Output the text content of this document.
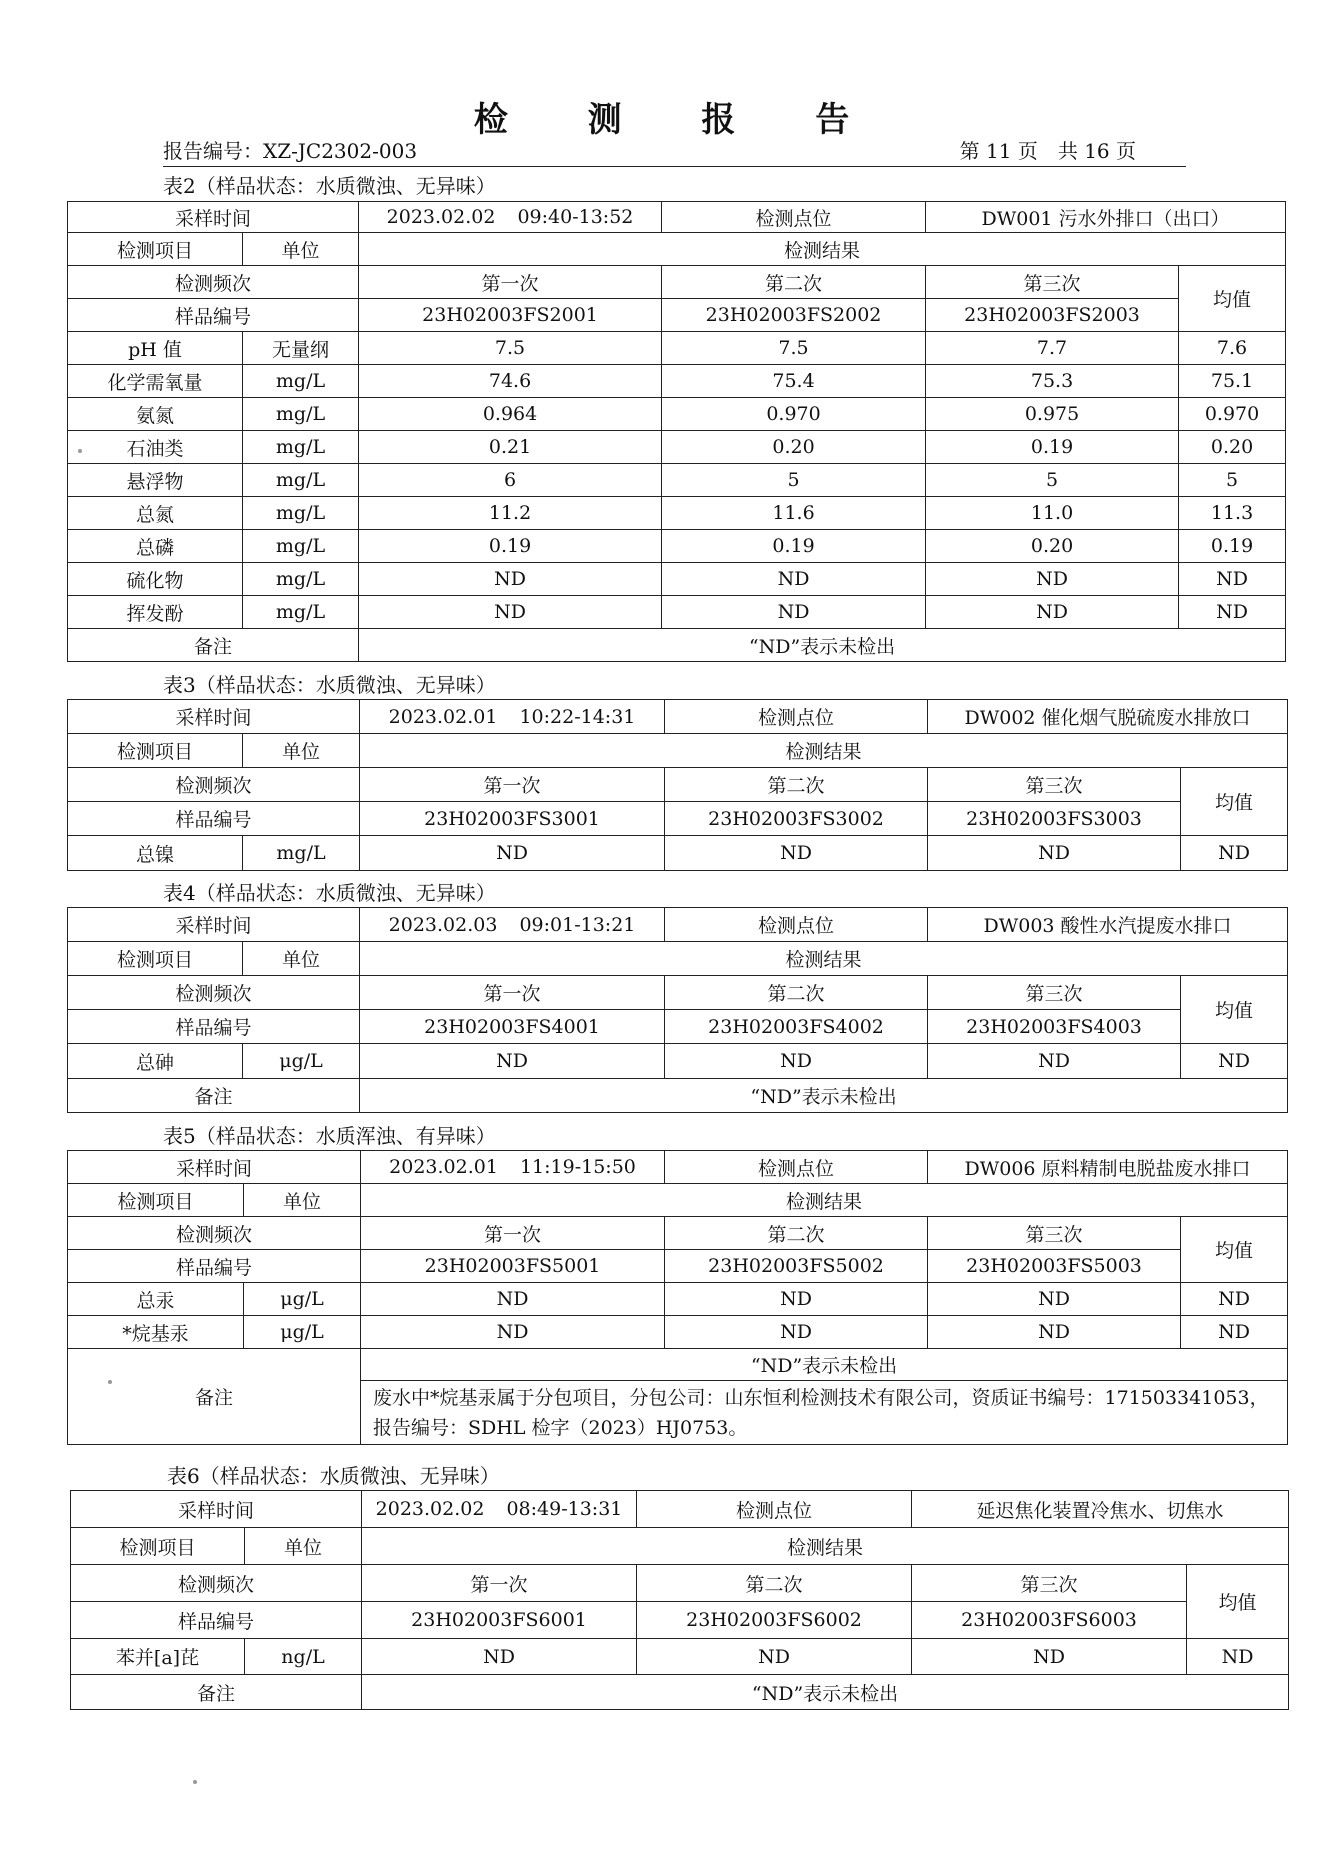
检 测 报 告
报告编号：XZ-JC2302-003	第 11 页　共 16 页
表2（样品状态：水质微浊、无异味）
采样时间		2023.02.02 09:40-13:52	检测点位	DW001 污水外排口（出口）	
检测项目	单位	检测结果			
检测频次		第一次	第二次	第三次	均值
样品编号		23H02003FS2001	23H02003FS2002	23H02003FS2003	
pH 值	无量纲	7.5	7.5	7.7	7.6
化学需氧量	mg/L	74.6	75.4	75.3	75.1
氨氮	mg/L	0.964	0.970	0.975	0.970
石油类	mg/L	0.21	0.20	0.19	0.20
悬浮物	mg/L	6	5	5	5
总氮	mg/L	11.2	11.6	11.0	11.3
总磷	mg/L	0.19	0.19	0.20	0.19
硫化物	mg/L	ND	ND	ND	ND
挥发酚	mg/L	ND	ND	ND	ND
备注		“ND”表示未检出			
表3（样品状态：水质微浊、无异味）
采样时间		2023.02.01 10:22-14:31	检测点位	DW002 催化烟气脱硫废水排放口	
检测项目	单位	检测结果			
检测频次		第一次	第二次	第三次	均值
样品编号		23H02003FS3001	23H02003FS3002	23H02003FS3003	
总镍	mg/L	ND	ND	ND	ND
表4（样品状态：水质微浊、无异味）
采样时间		2023.02.03 09:01-13:21	检测点位	DW003 酸性水汽提废水排口	
检测项目	单位	检测结果			
检测频次		第一次	第二次	第三次	均值
样品编号		23H02003FS4001	23H02003FS4002	23H02003FS4003	
总砷	μg/L	ND	ND	ND	ND
备注		“ND”表示未检出			
表5（样品状态：水质浑浊、有异味）
采样时间		2023.02.01 11:19-15:50	检测点位	DW006 原料精制电脱盐废水排口	
检测项目	单位	检测结果			
检测频次		第一次	第二次	第三次	均值
样品编号		23H02003FS5001	23H02003FS5002	23H02003FS5003	
总汞	μg/L	ND	ND	ND	ND
*烷基汞	μg/L	ND	ND	ND	ND
备注		“ND”表示未检出			
		废水中*烷基汞属于分包项目，分包公司：山东恒利检测技术有限公司，资质证书编号：171503341053，报告编号：SDHL 检字（2023）HJ0753。			
表6（样品状态：水质微浊、无异味）
采样时间		2023.02.02 08:49-13:31	检测点位	延迟焦化装置冷焦水、切焦水	
检测项目	单位	检测结果			
检测频次		第一次	第二次	第三次	均值
样品编号		23H02003FS6001	23H02003FS6002	23H02003FS6003	
苯并[a]芘	ng/L	ND	ND	ND	ND
备注		“ND”表示未检出			
